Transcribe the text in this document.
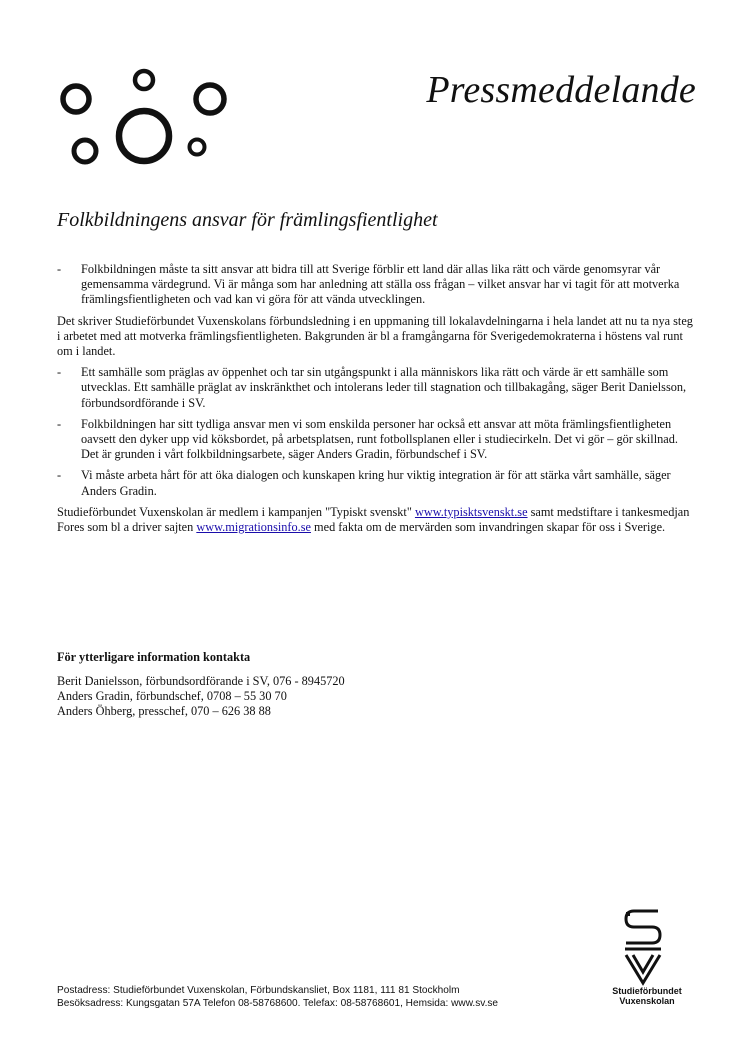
Pressmeddelande
Folkbildningens ansvar för främlingsfientlighet
- Folkbildningen måste ta sitt ansvar att bidra till att Sverige förblir ett land där allas lika rätt och värde genomsyrar vår gemensamma värdegrund. Vi är många som har anledning att ställa oss frågan – vilket ansvar har vi tagit för att motverka främlingsfientligheten och vad kan vi göra för att vända utvecklingen.

Det skriver Studieförbundet Vuxenskolans förbundsledning i en uppmaning till lokalavdelningarna i hela landet att nu ta nya steg i arbetet med att motverka främlingsfientligheten. Bakgrunden är bl a framgångarna för Sverigedemokraterna i höstens val runt om i landet.

- Ett samhälle som präglas av öppenhet och tar sin utgångspunkt i alla människors lika rätt och värde är ett samhälle som utvecklas. Ett samhälle präglat av inskränkthet och intolerans leder till stagnation och tillbakagång, säger Berit Danielsson, förbundsordförande i SV.
- Folkbildningen har sitt tydliga ansvar men vi som enskilda personer har också ett ansvar att möta främlingsfientligheten oavsett den dyker upp vid köksbordet, på arbetsplatsen, runt fotbollsplanen eller i studiecirkeln. Det vi gör – gör skillnad. Det är grunden i vårt folkbildningsarbete, säger Anders Gradin, förbundschef i SV.
- Vi måste arbeta hårt för att öka dialogen och kunskapen kring hur viktig integration är för att stärka vårt samhälle, säger Anders Gradin.

Studieförbundet Vuxenskolan är medlem i kampanjen "Typiskt svenskt" www.typisktsvenskt.se samt medstiftare i tankesmedjan Fores som bl a driver sajten www.migrationsinfo.se med fakta om de mervärden som invandringen skapar för oss i Sverige.

För ytterligare information kontakta
Berit Danielsson, förbundsordförande i SV, 076 - 8945720
Anders Gradin, förbundschef, 0708 – 55 30 70
Anders Öhberg, presschef, 070 – 626 38 88
Postadress: Studieförbundet Vuxenskolan, Förbundskansliet, Box 1181, 111 81 Stockholm
Besöksadress: Kungsgatan 57A Telefon 08-58768600. Telefax: 08-58768601, Hemsida: www.sv.se
Studieförbundet
Vuxenskolan
